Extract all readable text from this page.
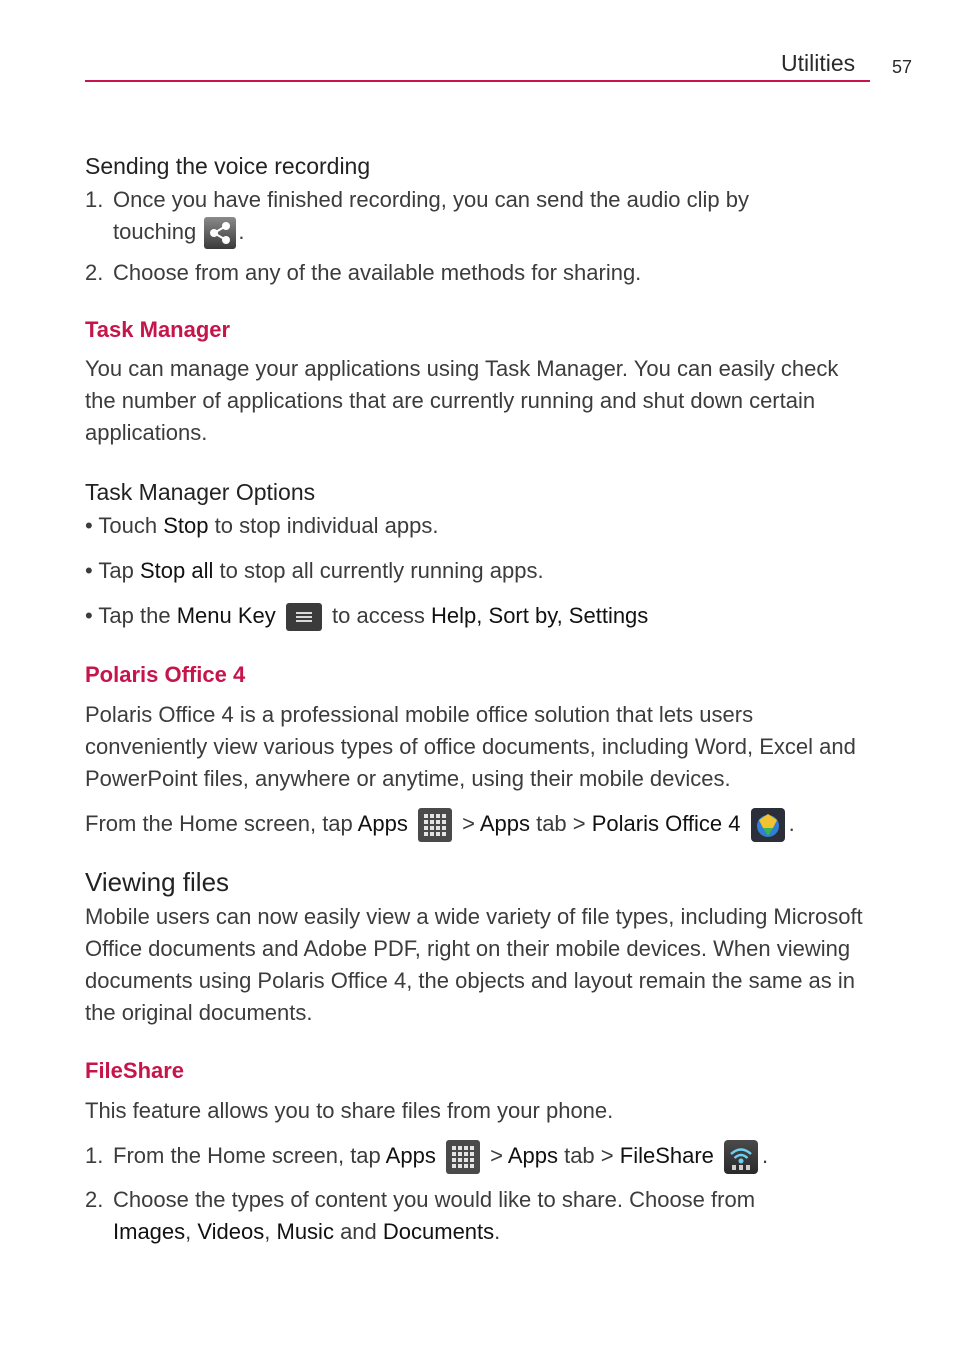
Utilities 57
Sending the voice recording
1. Once you have finished recording, you can send the audio clip by
touching .
2. Choose from any of the available methods for sharing.
Task Manager
You can manage your applications using Task Manager. You can easily check the number of applications that are currently running and shut down certain applications.
Task Manager Options
• Touch Stop to stop individual apps.
• Tap Stop all to stop all currently running apps.
• Tap the Menu Key
to access Help, Sort by, Settings
Polaris Office 4
Polaris Office 4 is a professional mobile office solution that lets users conveniently view various types of office documents, including Word, Excel and PowerPoint files, anywhere or anytime, using their mobile devices.
From the Home screen, tap Apps
> Apps tab > Polaris Office 4 .
Viewing files
Mobile users can now easily view a wide variety of file types, including Microsoft Office documents and Adobe PDF, right on their mobile devices. When viewing documents using Polaris Office 4, the objects and layout remain the same as in the original documents.
FileShare
This feature allows you to share files from your phone.
1. From the Home screen, tap Apps
> Apps tab > FileShare .
2. Choose the types of content you would like to share. Choose from
Images, Videos, Music and Documents.
